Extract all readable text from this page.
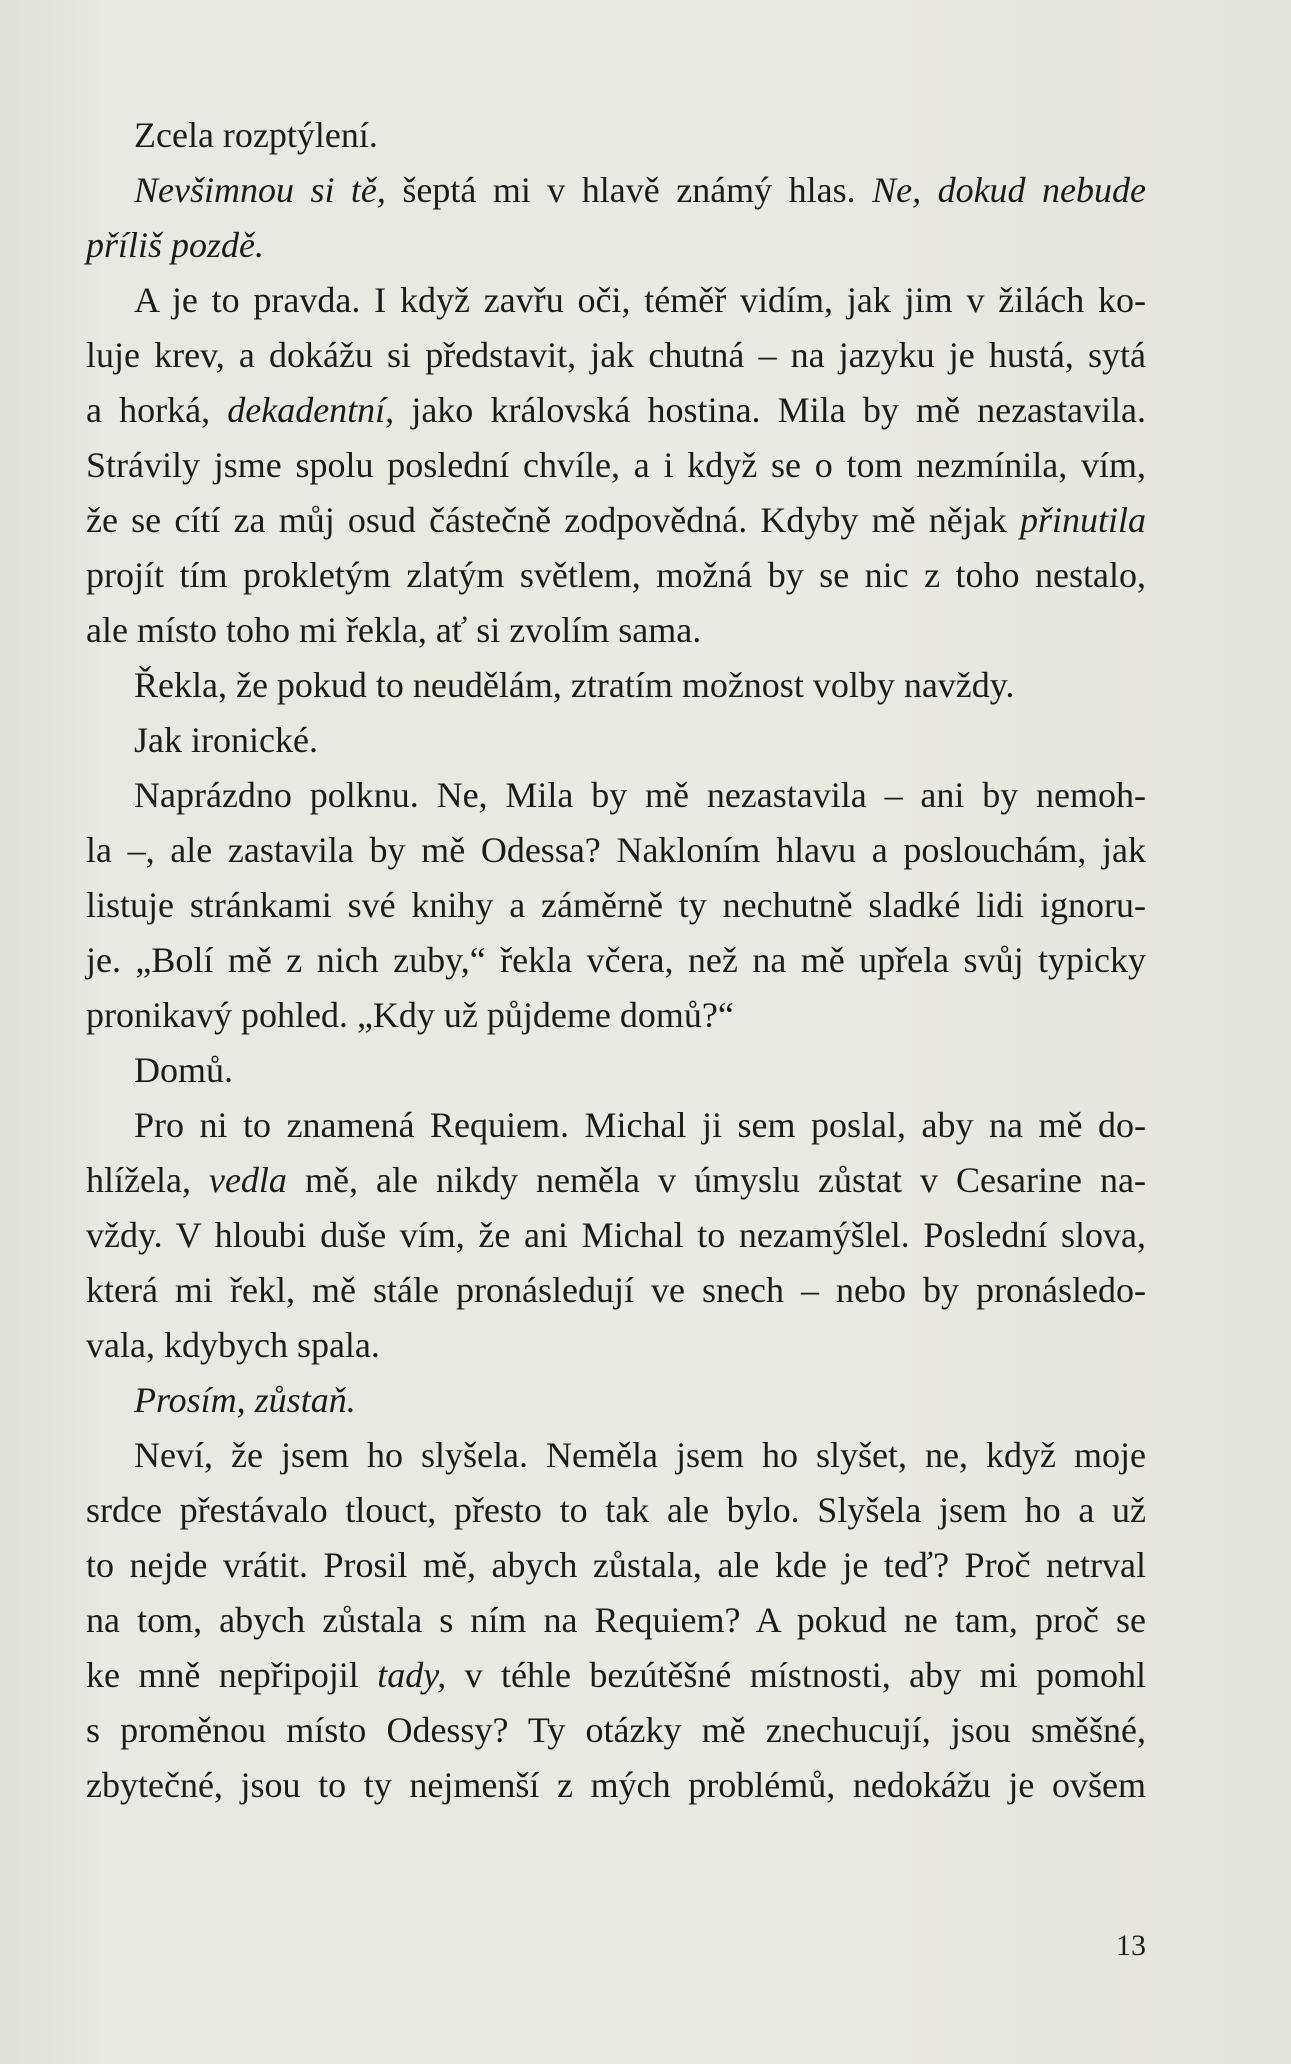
Zcela rozptýlení.
Nevšimnou si tě, šeptá mi v hlavě známý hlas. Ne, dokud nebude
příliš pozdě.
A je to pravda. I když zavřu oči, téměř vidím, jak jim v žilách ko-
luje krev, a dokážu si představit, jak chutná – na jazyku je hustá, sytá
a horká, dekadentní, jako královská hostina. Mila by mě nezastavila.
Strávily jsme spolu poslední chvíle, a i když se o tom nezmínila, vím,
že se cítí za můj osud částečně zodpovědná. Kdyby mě nějak přinutila
projít tím prokletým zlatým světlem, možná by se nic z toho nestalo,
ale místo toho mi řekla, ať si zvolím sama.
Řekla, že pokud to neudělám, ztratím možnost volby navždy.
Jak ironické.
Naprázdno polknu. Ne, Mila by mě nezastavila – ani by nemoh-
la –, ale zastavila by mě Odessa? Nakloním hlavu a poslouchám, jak
listuje stránkami své knihy a záměrně ty nechutně sladké lidi ignoru-
je. „Bolí mě z nich zuby,“ řekla včera, než na mě upřela svůj typicky
pronikavý pohled. „Kdy už půjdeme domů?“
Domů.
Pro ni to znamená Requiem. Michal ji sem poslal, aby na mě do-
hlížela, vedla mě, ale nikdy neměla v úmyslu zůstat v Cesarine na-
vždy. V hloubi duše vím, že ani Michal to nezamýšlel. Poslední slova,
která mi řekl, mě stále pronásledují ve snech – nebo by pronásledo-
vala, kdybych spala.
Prosím, zůstaň.
Neví, že jsem ho slyšela. Neměla jsem ho slyšet, ne, když moje
srdce přestávalo tlouct, přesto to tak ale bylo. Slyšela jsem ho a už
to nejde vrátit. Prosil mě, abych zůstala, ale kde je teď? Proč netrval
na tom, abych zůstala s ním na Requiem? A pokud ne tam, proč se
ke mně nepřipojil tady, v téhle bezútěšné místnosti, aby mi pomohl
s proměnou místo Odessy? Ty otázky mě znechucují, jsou směšné,
zbytečné, jsou to ty nejmenší z mých problémů, nedokážu je ovšem
13
